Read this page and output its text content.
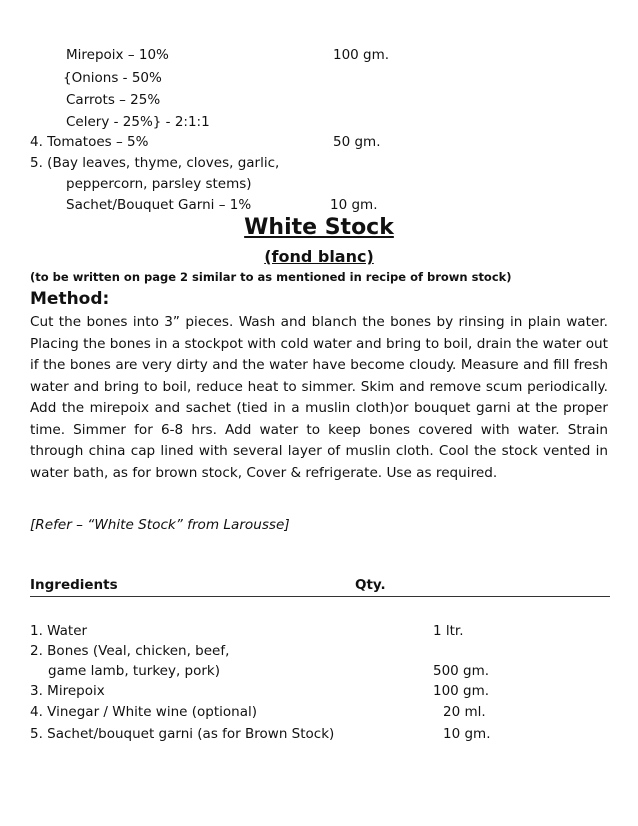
Mirepoix – 10%	100 gm.
{Onions - 50%
Carrots – 25%
Celery - 25%} - 2:1:1
4. Tomatoes – 5%	50 gm.
5. (Bay leaves, thyme, cloves, garlic,
peppercorn, parsley stems)
Sachet/Bouquet Garni – 1%	10 gm.
White Stock
(fond blanc)
(to be written on page 2 similar to as mentioned in recipe of brown stock)
Method:
Cut the bones into 3” pieces. Wash and blanch the bones by rinsing in plain water. Placing the bones in a stockpot with cold water and bring to boil, drain the water out if the bones are very dirty and the water have become cloudy. Measure and fill fresh water and bring to boil, reduce heat to simmer. Skim and remove scum periodically. Add the mirepoix and sachet (tied in a muslin cloth)or bouquet garni at the proper time. Simmer for 6-8 hrs. Add water to keep bones covered with water. Strain through china cap lined with several layer of muslin cloth. Cool the stock vented in water bath, as for brown stock, Cover & refrigerate. Use as required.
[Refer – “White Stock” from Larousse]
Ingredients	Qty.
1. Water	1 ltr.
2. Bones (Veal, chicken, beef,
game lamb, turkey, pork)	500 gm.
3. Mirepoix	100 gm.
4. Vinegar / White wine (optional)	20 ml.
5. Sachet/bouquet garni (as for Brown Stock)	10 gm.
